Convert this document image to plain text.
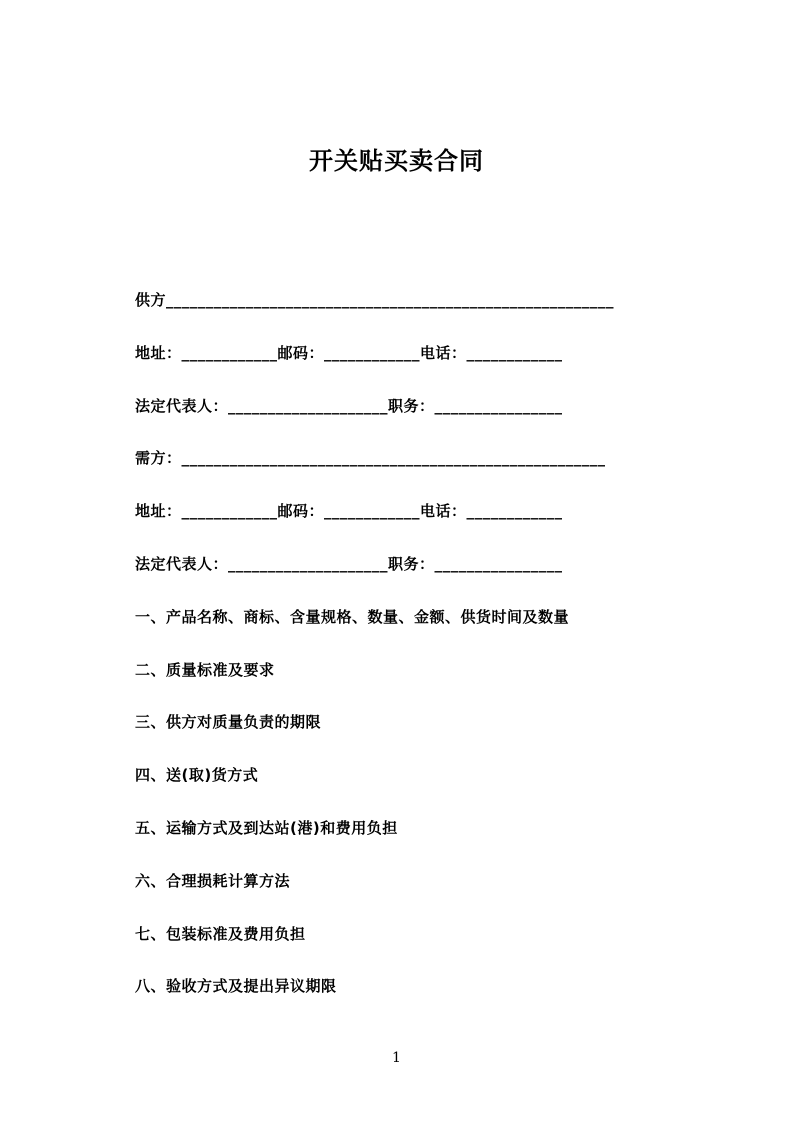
开关贴买卖合同

供方________________________________________________________

地址：____________邮码：____________电话：____________

法定代表人：____________________职务：________________

需方：_____________________________________________________

地址：____________邮码：____________电话：____________

法定代表人：____________________职务：________________

一、产品名称、商标、含量规格、数量、金额、供货时间及数量

二、质量标准及要求

三、供方对质量负责的期限

四、送(取)货方式

五、运输方式及到达站(港)和费用负担

六、合理损耗计算方法

七、包装标准及费用负担

八、验收方式及提出异议期限

1
